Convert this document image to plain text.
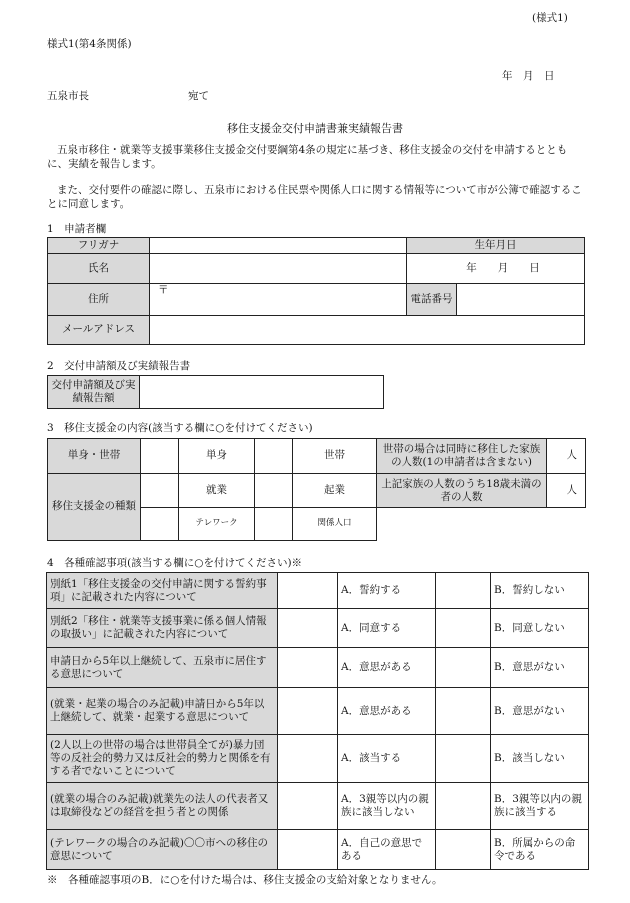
(様式1)
様式1(第4条関係)
年　月　日
五泉市長	宛て
移住支援金交付申請書兼実績報告書
五泉市移住・就業等支援事業移住支援金交付要綱第4条の規定に基づき、移住支援金の交付を申請するとともに、実績を報告します。
また、交付要件の確認に際し、五泉市における住民票や関係人口に関する情報等について市が公簿で確認することに同意します。
1　申請者欄
フリガナ		生年月日	
氏名		年　　月　　日	
住所	〒	電話番号	
メールアドレス			
2　交付申請額及び実績報告書
交付申請額及び実績報告額	
3　移住支援金の内容(該当する欄に○を付けてください)
単身・世帯		単身		世帯	世帯の場合は同時に移住した家族の人数(1の申請者は含まない)	人
移住支援金の種類		就業		起業	上記家族の人数のうち18歳未満の者の人数	人
		テレワーク		関係人口		
4　各種確認事項(該当する欄に○を付けてください)※
別紙1「移住支援金の交付申請に関する誓約事項」に記載された内容について		A．誓約する		B．誓約しない
別紙2「移住・就業等支援事業に係る個人情報の取扱い」に記載された内容について		A．同意する		B．同意しない
申請日から5年以上継続して、五泉市に居住する意思について		A．意思がある		B．意思がない
(就業・起業の場合のみ記載)申請日から5年以上継続して、就業・起業する意思について		A．意思がある		B．意思がない
(2人以上の世帯の場合は世帯員全てが)暴力団等の反社会的勢力又は反社会的勢力と関係を有する者でないことについて		A．該当する		B．該当しない
(就業の場合のみ記載)就業先の法人の代表者又は取締役などの経営を担う者との関係		A．3親等以内の親族に該当しない		B．3親等以内の親族に該当する
(テレワークの場合のみ記載)〇〇市への移住の意思について		A．自己の意思である		B．所属からの命令である
※　各種確認事項のB．に○を付けた場合は、移住支援金の支給対象となりません。
